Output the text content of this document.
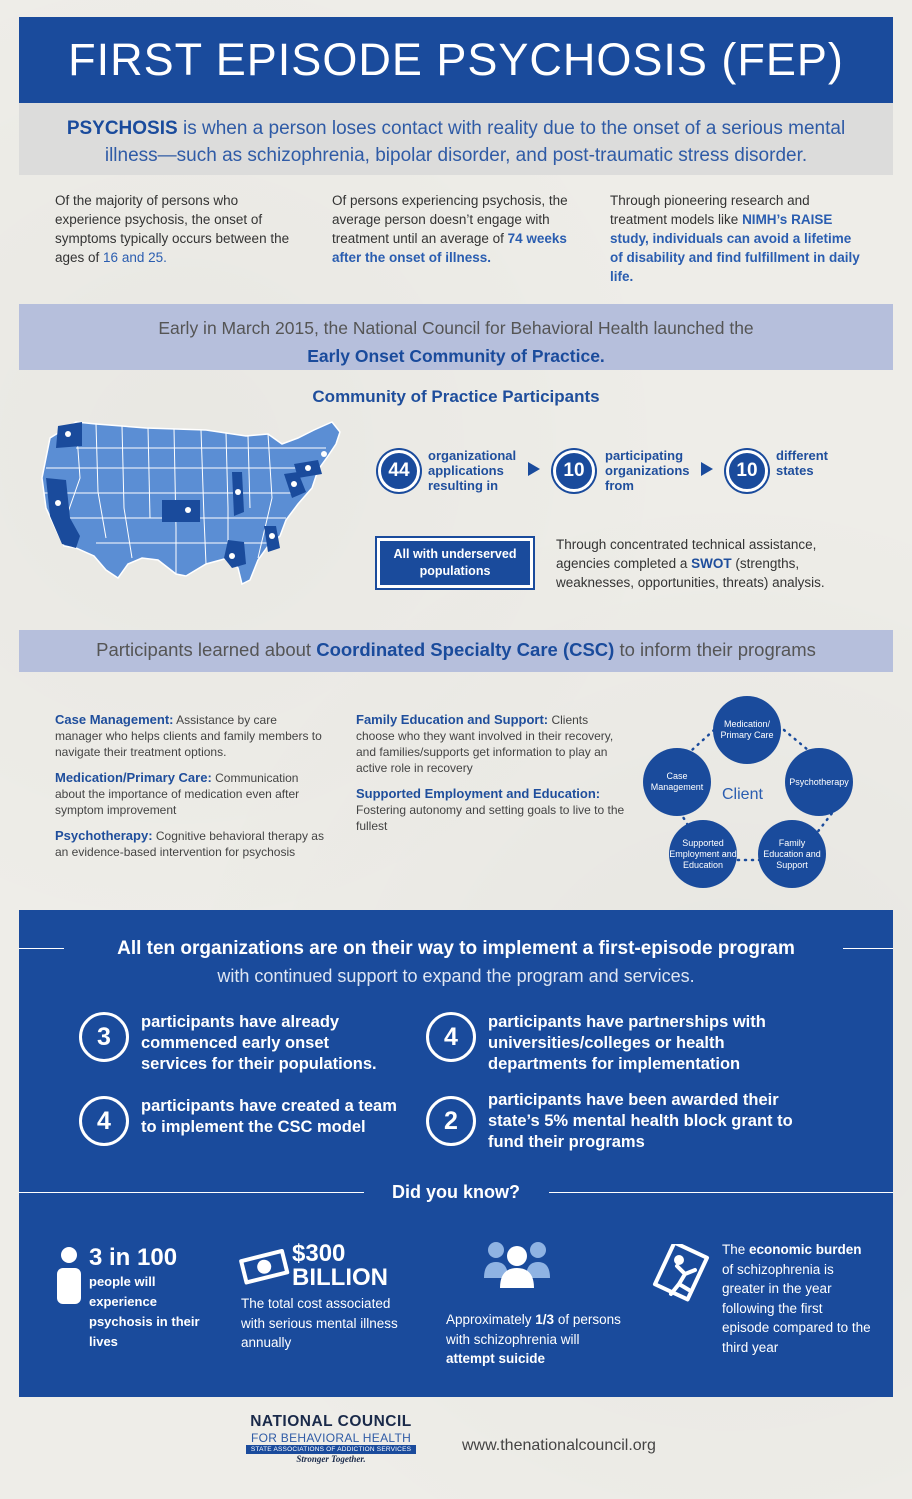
FIRST EPISODE PSYCHOSIS (FEP)
PSYCHOSIS is when a person loses contact with reality due to the onset of a serious mental
illness—such as schizophrenia, bipolar disorder, and post-traumatic stress disorder.
Of the majority of persons who experience psychosis, the onset of symptoms typically occurs between the ages of 16 and 25.
Of persons experiencing psychosis, the average person doesn’t engage with treatment until an average of 74 weeks after the onset of illness.
Through pioneering research and treatment models like NIMH’s RAISE study, individuals can avoid a lifetime of disability and find fulfillment in daily life.
Early in March 2015, the National Council for Behavioral Health launched the
Early Onset Community of Practice.
Community of Practice Participants
44
organizational
applications
resulting in
10
participating
organizations
from
10
different
states
All with underserved
populations
Through concentrated technical assistance, agencies completed a SWOT (strengths, weaknesses, opportunities, threats) analysis.
Participants learned about Coordinated Specialty Care (CSC) to inform their programs

Case Management: Assistance by care manager who helps clients and family members to navigate their treatment options.

Medication/Primary Care: Communication about the importance of medication even after symptom improvement

Psychotherapy: Cognitive behavioral therapy as an evidence-based intervention for psychosis

Family Education and Support: Clients choose who they want involved in their recovery, and families/supports get information to play an active role in recovery

Supported Employment and Education: Fostering autonomy and setting goals to live to the fullest

Medication/ Primary Care
Psychotherapy
Family Education and Support
Supported Employment and Education
Case Management	Client
All ten organizations are on their way to implement a first-episode program
with continued support to expand the program and services.
3
participants have already commenced early onset services for their populations.
4
participants have partnerships with universities/colleges or health departments for implementation
4
participants have created a team to implement the CSC model	2
participants have been awarded their state’s 5% mental health block grant to fund their programs
Did you know?
3 in 100
people will experience psychosis in their lives
$300
BILLION
The total cost associated with serious mental illness annually
Approximately 1/3 of persons with schizophrenia will attempt suicide
The economic burden of schizophrenia is greater in the year following the first episode compared to the third year
NATIONAL COUNCIL
FOR BEHAVIORAL HEALTH
STATE ASSOCIATIONS OF ADDICTION SERVICES
Stronger Together.
www.thenationalcouncil.org
